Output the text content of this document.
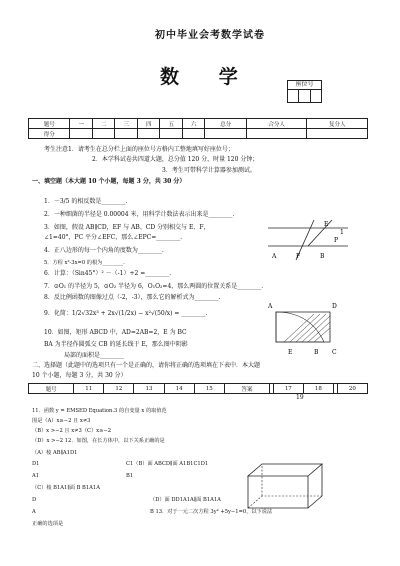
初中毕业会考数学试卷
数      学	座位号
题号	一	二	三	四	五	六	总分	合分人	复分人
得分									
考生注意1．请考生在总分栏上面的座位号方格内工整地填写好座位号；
2．本学科试卷共四道大题，总分值 120 分，时量 120 分钟；
3．考生可带科学计算器参加测试。
一、填空题（本大题 10 个小题，每题 3 分，共 30 分）
1．－3/5 的相反数是________.
2．一种细菌的半径是 0.00004 米，用科学计数法表示出来是________.
3．如图，假设 AB∥CD，EF 与 AB、CD 分别相交与 E、F，
∠1=40°，PC 平分∠EFC，那么∠EPC=________.
4．正八边形的每一个内角的度数为________.
5．方程 x²-3x=0 的根为________.
6．计算：（Sin45°）² －（-1）+2 =________.
7．⊙O₁ 的半径为 5，⊙O₂ 半径为 6，O₁O₂=4，那么两圆的位置关系是________.
8．反比例函数的图像过点（-2，-3），那么它的解析式为________.
9．化简：1/2√32x³ + 2x√(1/2x) − x²√(50/x) = ________.
10．如图，矩形 ABCD 中，AD=2AB=2，E 为 BC
BA 为半径作圆弧交 CB 的延长线于 E，那么图中阴影
局部的面积是________
E
1
P
A	F	B
A	D
E	B C
二、选择题（此题中的选项只有一个是正确的，请你将正确的选项填在下表中．本大题
10 个小题，每题 3 分，共 30 分）
题号	11	12	13	14	15	答案		17	18		20
19
11．函数 y = EMSED Equation.3 的自变量 x 的取值范
围是（A）x≥−2 且 x≠3
（B）x >−2 且 x≠3（C）x≥−2
（D）x >−2 12．如图，在长方体中，以下关系正确的是
（A）棱 AB∥A1D1
D1	C1（B）面 ABCD∥面 A1B1C1D1
A1	B1
（C）棱 B1A1∥面 B B1A1A
D	（D）面 DD1A1A∥面 B1A1A
A	B 13．对于一元二次方程 3y² +5y−1=0，以下说法
正确的选项是
